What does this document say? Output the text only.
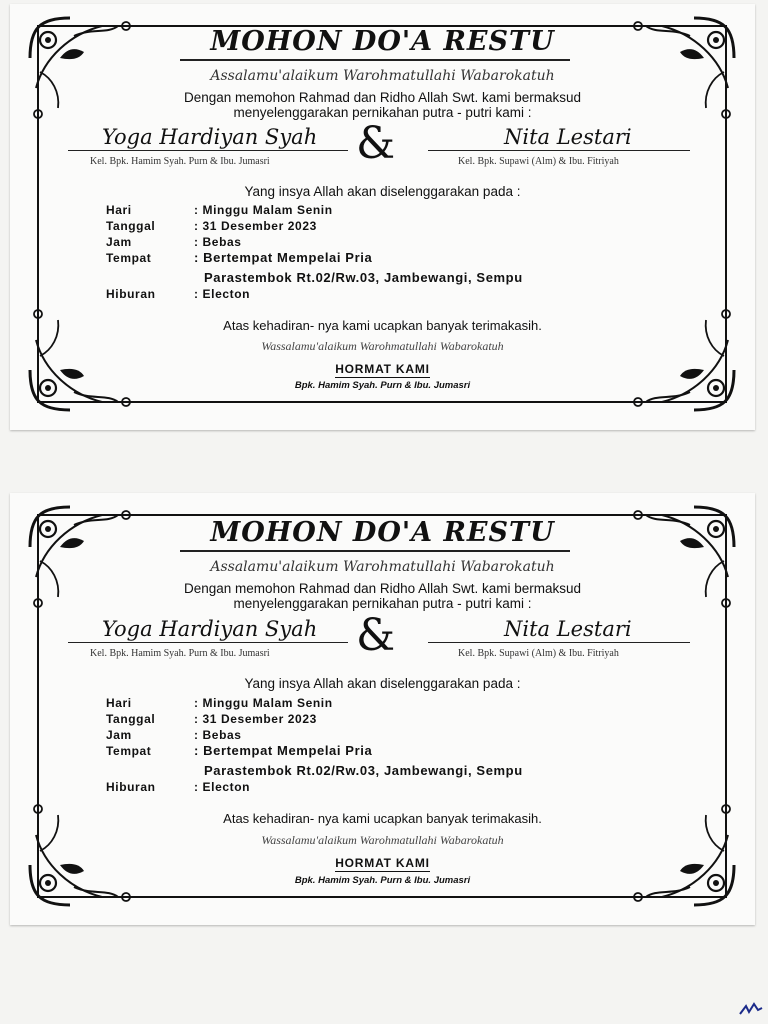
MOHON DO'A RESTU
Assalamu'alaikum Warohmatullahi Wabarokatuh
Dengan memohon Rahmad dan Ridho Allah Swt. kami bermaksud
menyelenggarakan pernikahan putra - putri kami :
Yoga Hardiyan Syah &	Nita Lestari
Kel. Bpk. Hamim Syah. Purn & Ibu. Jumasri	Kel. Bpk. Supawi (Alm) & Ibu. Fitriyah
Yang insya Allah akan diselenggarakan pada :
Hari	: Minggu Malam Senin
Tanggal	: 31 Desember 2023
Jam	: Bebas
Tempat	: Bertempat Mempelai Pria
Parastembok Rt.02/Rw.03, Jambewangi, Sempu
Hiburan	: Electon
Atas kehadiran- nya kami ucapkan banyak terimakasih.
Wassalamu'alaikum Warohmatullahi Wabarokatuh
HORMAT KAMI
Bpk. Hamim Syah. Purn & Ibu. Jumasri
MOHON DO'A RESTU
Assalamu'alaikum Warohmatullahi Wabarokatuh
Dengan memohon Rahmad dan Ridho Allah Swt. kami bermaksud
menyelenggarakan pernikahan putra - putri kami :
Yoga Hardiyan Syah &	Nita Lestari
Kel. Bpk. Hamim Syah. Purn & Ibu. Jumasri	Kel. Bpk. Supawi (Alm) & Ibu. Fitriyah
Yang insya Allah akan diselenggarakan pada :
Hari	: Minggu Malam Senin
Tanggal	: 31 Desember 2023
Jam	: Bebas
Tempat	: Bertempat Mempelai Pria
Parastembok Rt.02/Rw.03, Jambewangi, Sempu
Hiburan	: Electon
Atas kehadiran- nya kami ucapkan banyak terimakasih.
Wassalamu'alaikum Warohmatullahi Wabarokatuh
HORMAT KAMI
Bpk. Hamim Syah. Purn & Ibu. Jumasri
